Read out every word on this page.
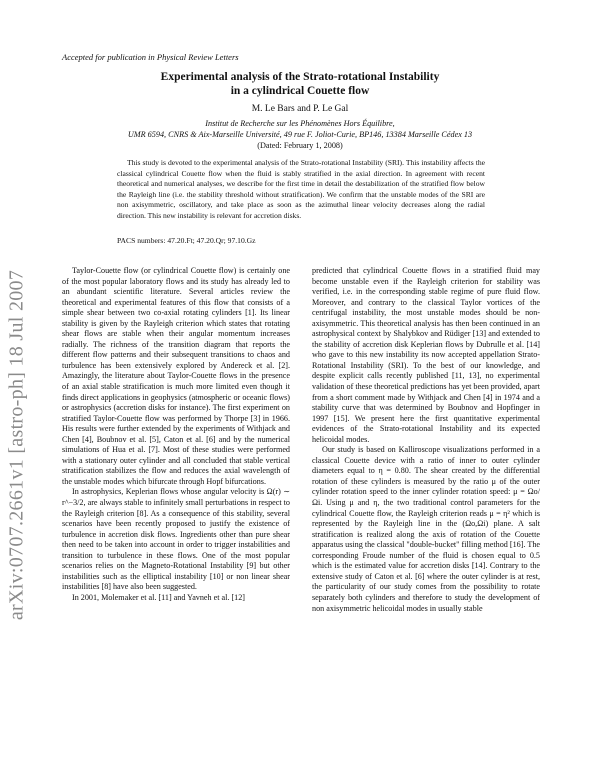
arXiv:0707.2661v1 [astro-ph] 18 Jul 2007
Accepted for publication in Physical Review Letters
Experimental analysis of the Strato-rotational Instability
in a cylindrical Couette flow
M. Le Bars and P. Le Gal
Institut de Recherche sur les Phénomènes Hors Équilibre,
UMR 6594, CNRS & Aix-Marseille Université, 49 rue F. Joliot-Curie, BP146, 13384 Marseille Cédex 13
(Dated: February 1, 2008)

This study is devoted to the experimental analysis of the Strato-rotational Instability (SRI). This instability affects the classical cylindrical Couette flow when the fluid is stably stratified in the axial direction. In agreement with recent theoretical and numerical analyses, we describe for the first time in detail the destabilization of the stratified flow below the Rayleigh line (i.e. the stability threshold without stratification). We confirm that the unstable modes of the SRI are non axisymmetric, oscillatory, and take place as soon as the azimuthal linear velocity decreases along the radial direction. This new instability is relevant for accretion disks.

PACS numbers: 47.20.Ft; 47.20.Qr; 97.10.Gz

Taylor-Couette flow (or cylindrical Couette flow) is certainly one of the most popular laboratory flows and its study has already led to an abundant scientific literature. Several articles review the theoretical and experimental features of this flow that consists of a simple shear between two co-axial rotating cylinders [1]. Its linear stability is given by the Rayleigh criterion which states that rotating shear flows are stable when their angular momentum increases radially. The richness of the transition diagram that reports the different flow patterns and their subsequent transitions to chaos and turbulence has been extensively explored by Andereck et al. [2]. Amazingly, the literature about Taylor-Couette flows in the presence of an axial stable stratification is much more limited even though it finds direct applications in geophysics (atmospheric or oceanic flows) or astrophysics (accretion disks for instance). The first experiment on stratified Taylor-Couette flow was performed by Thorpe [3] in 1966. His results were further extended by the experiments of Withjack and Chen [4], Boubnov et al. [5], Caton et al. [6] and by the numerical simulations of Hua et al. [7]. Most of these studies were performed with a stationary outer cylinder and all concluded that stable vertical stratification stabilizes the flow and reduces the axial wavelength of the unstable modes which bifurcate through Hopf bifurcations.

In astrophysics, Keplerian flows whose angular velocity is Ω(r) ∼ r^−3/2, are always stable to infinitely small perturbations in respect to the Rayleigh criterion [8]. As a consequence of this stability, several scenarios have been recently proposed to justify the existence of turbulence in accretion disk flows. Ingredients other than pure shear then need to be taken into account in order to trigger instabilities and transition to turbulence in these flows. One of the most popular scenarios relies on the Magneto-Rotational Instability [9] but other instabilities such as the elliptical instability [10] or non linear shear instabilities [8] have also been suggested.

In 2001, Molemaker et al. [11] and Yavneh et al. [12]

predicted that cylindrical Couette flows in a stratified fluid may become unstable even if the Rayleigh criterion for stability was verified, i.e. in the corresponding stable regime of pure fluid flow. Moreover, and contrary to the classical Taylor vortices of the centrifugal instability, the most unstable modes should be non-axisymmetric. This theoretical analysis has then been continued in an astrophysical context by Shalybkov and Rüdiger [13] and extended to the stability of accretion disk Keplerian flows by Dubrulle et al. [14] who gave to this new instability its now accepted appellation Strato-Rotational Instability (SRI). To the best of our knowledge, and despite explicit calls recently published [11, 13], no experimental validation of these theoretical predictions has yet been provided, apart from a short comment made by Withjack and Chen [4] in 1974 and a stability curve that was determined by Boubnov and Hopfinger in 1997 [15]. We present here the first quantitative experimental evidences of the Strato-rotational Instability and its expected helicoidal modes.

Our study is based on Kalliroscope visualizations performed in a classical Couette device with a ratio of inner to outer cylinder diameters equal to η = 0.80. The shear created by the differential rotation of these cylinders is measured by the ratio μ of the outer cylinder rotation speed to the inner cylinder rotation speed: μ = Ωo/Ωi. Using μ and η, the two traditional control parameters for the cylindrical Couette flow, the Rayleigh criterion reads μ = η² which is represented by the Rayleigh line in the (Ωo,Ωi) plane. A salt stratification is realized along the axis of rotation of the Couette apparatus using the classical "double-bucket" filling method [16]. The corresponding Froude number of the fluid is chosen equal to 0.5 which is the estimated value for accretion disks [14]. Contrary to the extensive study of Caton et al. [6] where the outer cylinder is at rest, the particularity of our study comes from the possibility to rotate separately both cylinders and therefore to study the development of non axisymmetric helicoidal modes in usually stable
